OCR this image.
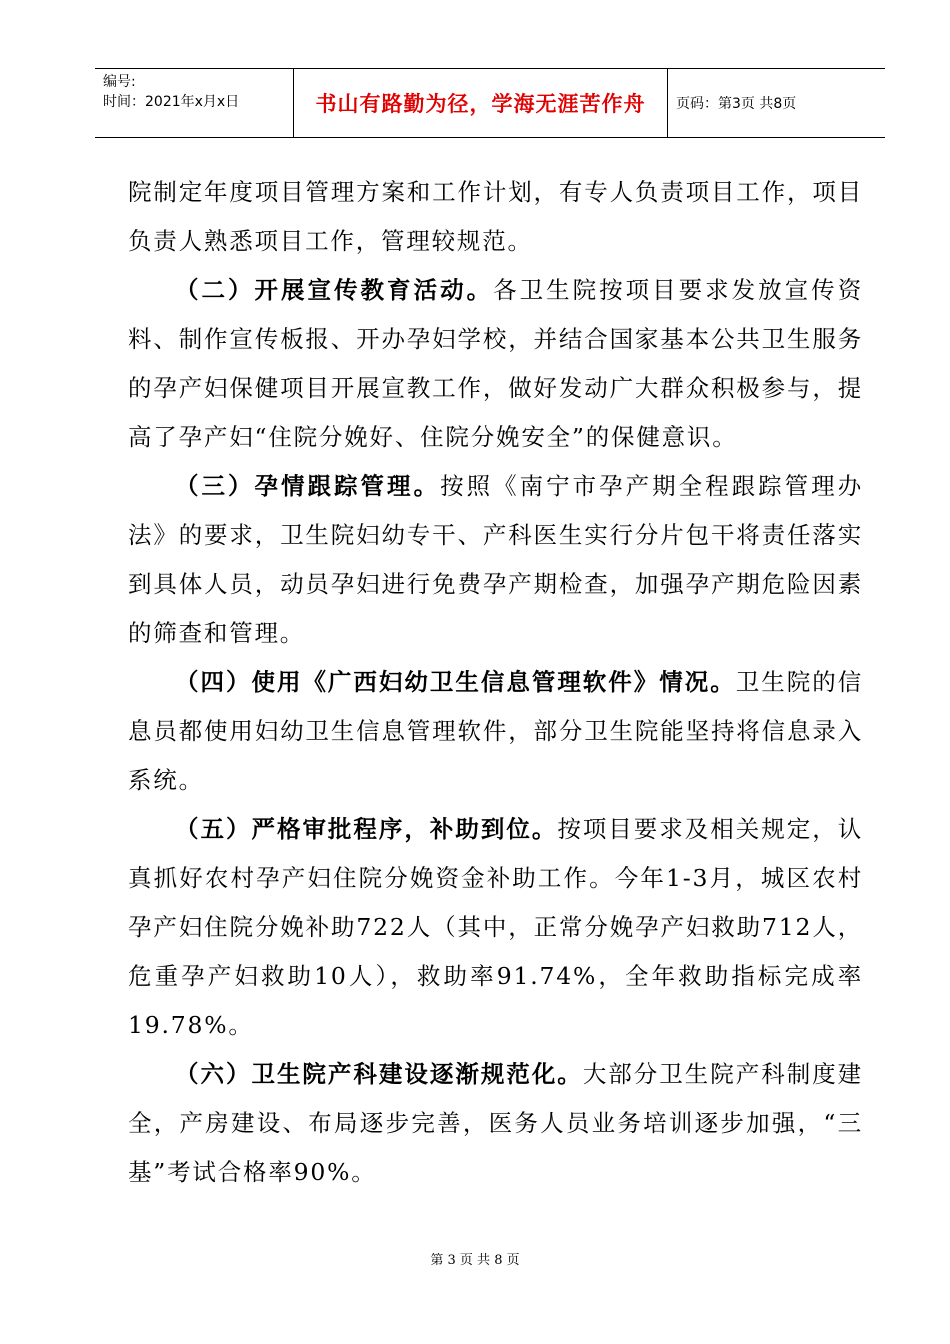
编号:
时间：2021年x月x日	书山有路勤为径，学海无涯苦作舟	页码：第3页 共8页

院制定年度项目管理方案和工作计划，有专人负责项目工作，项目负责人熟悉项目工作，管理较规范。

（二）开展宣传教育活动。各卫生院按项目要求发放宣传资料、制作宣传板报、开办孕妇学校，并结合国家基本公共卫生服务的孕产妇保健项目开展宣教工作，做好发动广大群众积极参与，提高了孕产妇“住院分娩好、住院分娩安全”的保健意识。

（三）孕情跟踪管理。按照《南宁市孕产期全程跟踪管理办法》的要求，卫生院妇幼专干、产科医生实行分片包干将责任落实到具体人员，动员孕妇进行免费孕产期检查，加强孕产期危险因素的筛查和管理。

（四）使用《广西妇幼卫生信息管理软件》情况。卫生院的信息员都使用妇幼卫生信息管理软件，部分卫生院能坚持将信息录入系统。

（五）严格审批程序，补助到位。按项目要求及相关规定，认真抓好农村孕产妇住院分娩资金补助工作。今年1-3月，城区农村孕产妇住院分娩补助722人（其中，正常分娩孕产妇救助712人，危重孕产妇救助10人），救助率91.74%，全年救助指标完成率19.78%。

（六）卫生院产科建设逐渐规范化。大部分卫生院产科制度建全，产房建设、布局逐步完善，医务人员业务培训逐步加强，“三基”考试合格率90%。

第 3 页 共 8 页
